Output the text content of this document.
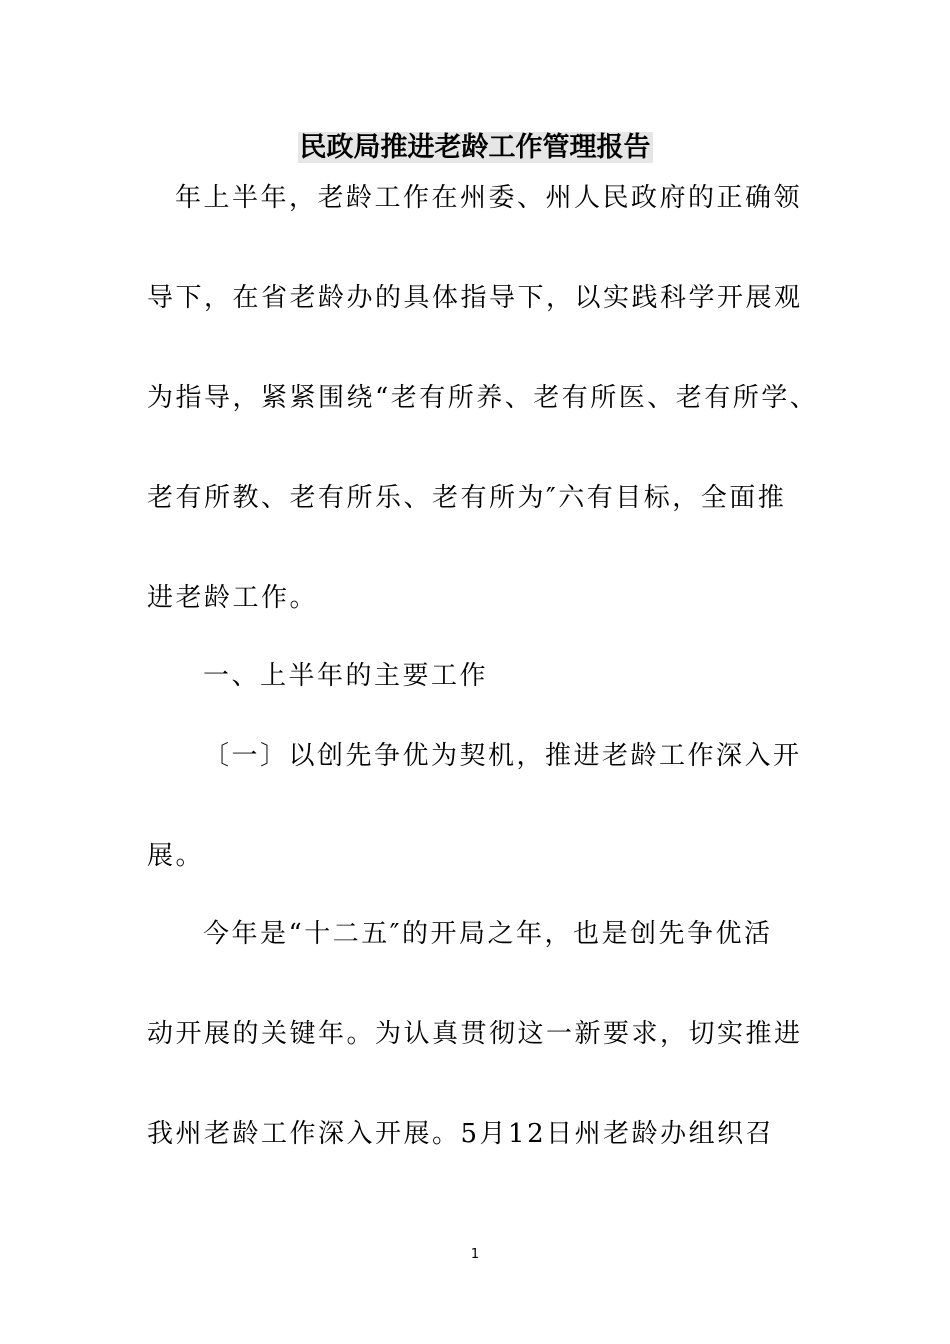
民政局推进老龄工作管理报告
年上半年，老龄工作在州委、州人民政府的正确领
导下，在省老龄办的具体指导下，以实践科学开展观
为指导，紧紧围绕“老有所养、老有所医、老有所学、
老有所教、老有所乐、老有所为″六有目标，全面推
进老龄工作。
一、上半年的主要工作
〔一〕以创先争优为契机，推进老龄工作深入开
展。
今年是“十二五″的开局之年，也是创先争优活
动开展的关键年。为认真贯彻这一新要求，切实推进
我州老龄工作深入开展。5月12日州老龄办组织召
1
